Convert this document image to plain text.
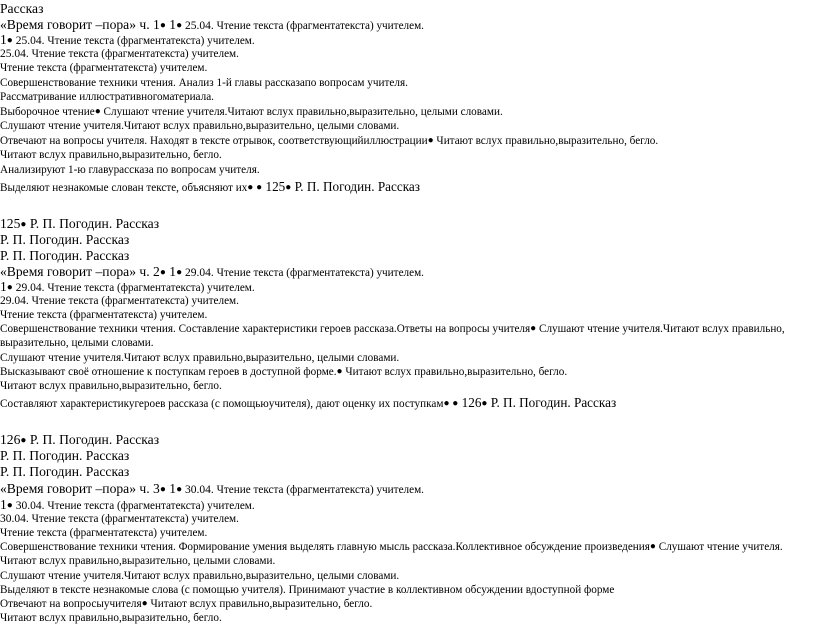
Рассказ
«Время говорит –пора» ч. 1● 1● 25.04. Чтение текста (фрагментатекста) учителем.
1● 25.04. Чтение текста (фрагментатекста) учителем.
25.04. Чтение текста (фрагментатекста) учителем.
Чтение текста (фрагментатекста) учителем.
Совершенствование техники чтения. Анализ 1-й главы рассказапо вопросам учителя.
Рассматривание иллюстративногоматериала.
Выборочное чтение● Слушают чтение учителя.Читают вслух правильно,выразительно, целыми словами.
Слушают чтение учителя.Читают вслух правильно,выразительно, целыми словами.
Отвечают на вопросы учителя. Находят в тексте отрывок, соответствующийиллюстрации● Читают вслух правильно,выразительно, бегло.
Читают вслух правильно,выразительно, бегло.
Анализируют 1-ю главурассказа по вопросам учителя.
Выделяют незнакомые слован тексте, объясняют их● ● 125● Р. П. Погодин. Рассказ
125● Р. П. Погодин. Рассказ
Р. П. Погодин. Рассказ
Р. П. Погодин. Рассказ
«Время говорит –пора» ч. 2● 1● 29.04. Чтение текста (фрагментатекста) учителем.
1● 29.04. Чтение текста (фрагментатекста) учителем.
29.04. Чтение текста (фрагментатекста) учителем.
Чтение текста (фрагментатекста) учителем.
Совершенствование техники чтения. Составление характеристики героев рассказа.Ответы на вопросы учителя● Слушают чтение учителя.Читают вслух правильно,
выразительно, целыми словами.
Слушают чтение учителя.Читают вслух правильно,выразительно, целыми словами.
Высказывают своё отношение к поступкам героев в доступной форме.● Читают вслух правильно,выразительно, бегло.
Читают вслух правильно,выразительно, бегло.
Составляют характеристикугероев рассказа (с помощьюучителя), дают оценку их поступкам● ● 126● Р. П. Погодин. Рассказ
126● Р. П. Погодин. Рассказ
Р. П. Погодин. Рассказ
Р. П. Погодин. Рассказ
«Время говорит –пора» ч. 3● 1● 30.04. Чтение текста (фрагментатекста) учителем.
1● 30.04. Чтение текста (фрагментатекста) учителем.
30.04. Чтение текста (фрагментатекста) учителем.
Чтение текста (фрагментатекста) учителем.
Совершенствование техники чтения. Формирование умения выделять главную мысль рассказа.Коллективное обсуждение произведения● Слушают чтение учителя.
Читают вслух правильно,выразительно, целыми словами.
Слушают чтение учителя.Читают вслух правильно,выразительно, целыми словами.
Выделяют в тексте незнакомые слова (с помощью учителя). Принимают участие в коллективном обсуждении вдоступной форме
Отвечают на вопросыучителя● Читают вслух правильно,выразительно, бегло.
Читают вслух правильно,выразительно, бегло.
